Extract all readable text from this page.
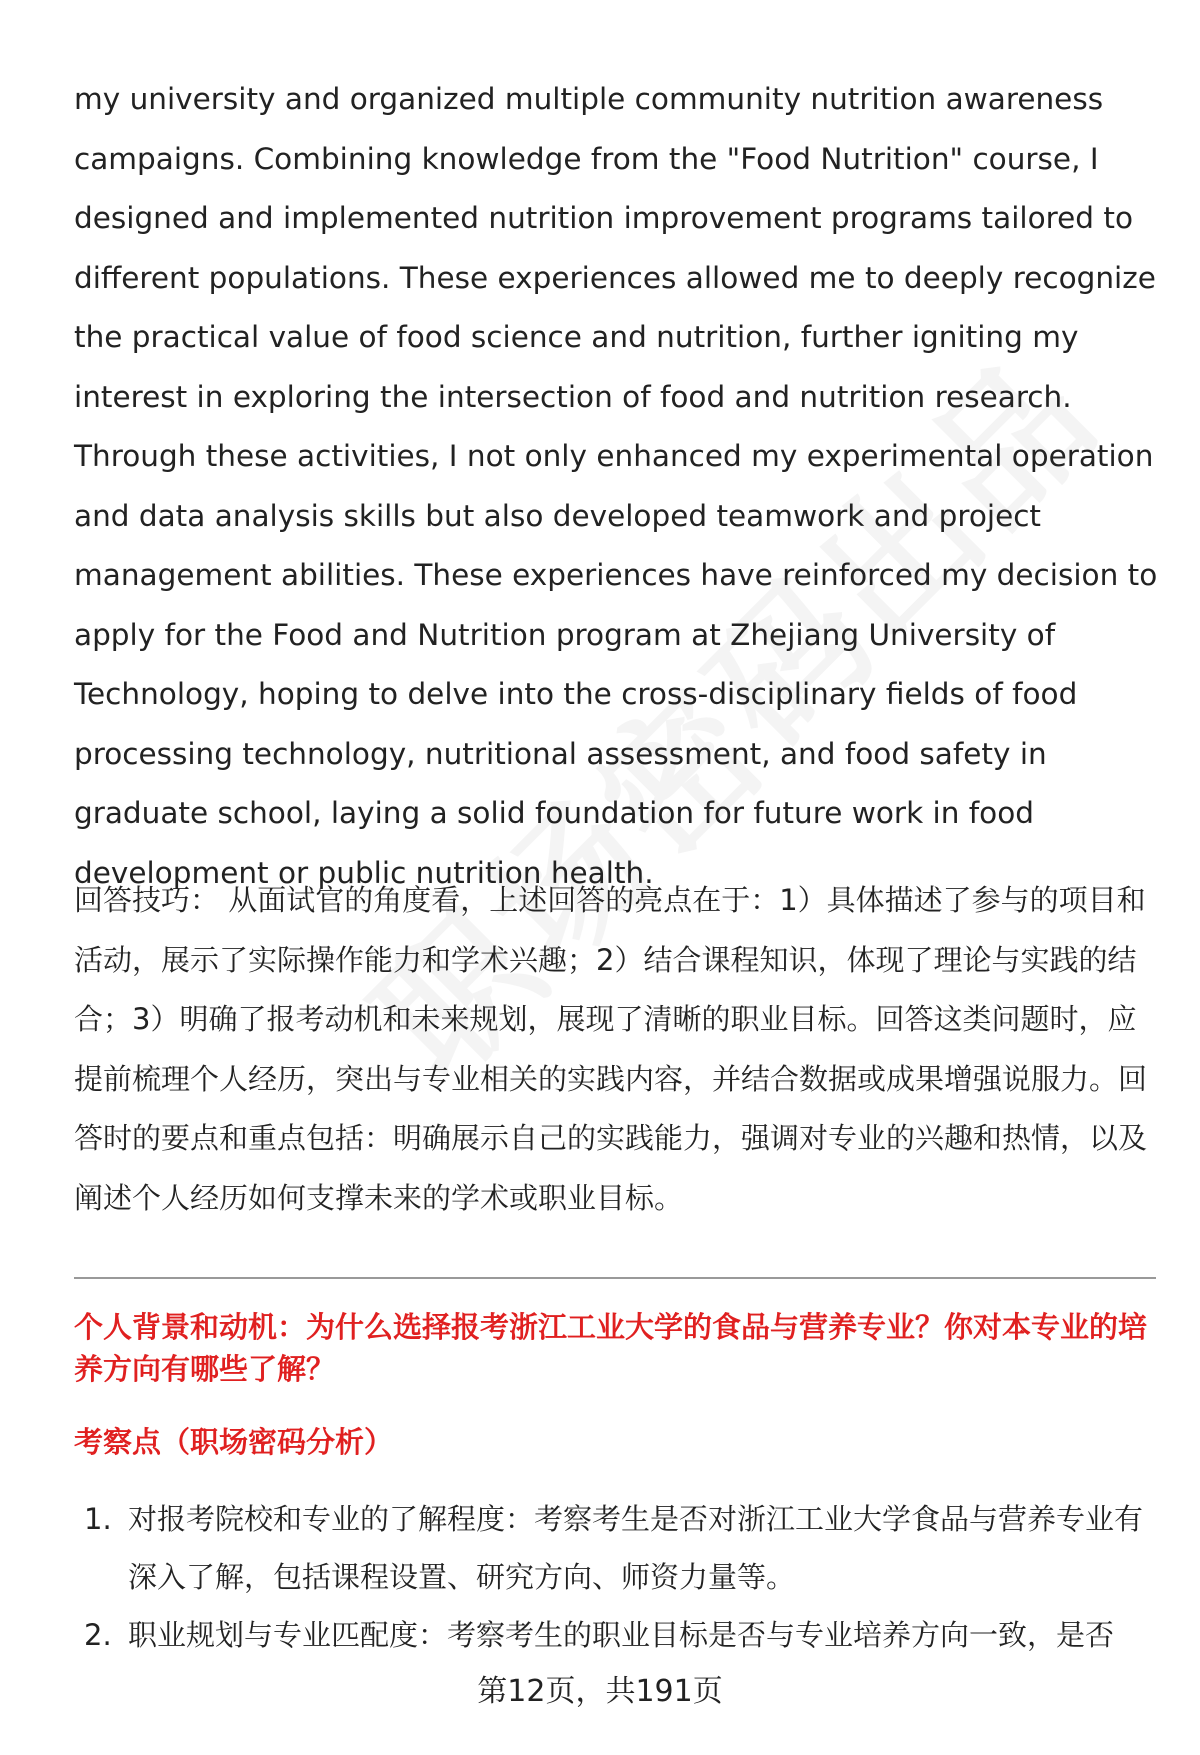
my university and organized multiple community nutrition awareness campaigns. Combining knowledge from the "Food Nutrition" course, I designed and implemented nutrition improvement programs tailored to different populations. These experiences allowed me to deeply recognize the practical value of food science and nutrition, further igniting my interest in exploring the intersection of food and nutrition research. Through these activities, I not only enhanced my experimental operation and data analysis skills but also developed teamwork and project management abilities. These experiences have reinforced my decision to apply for the Food and Nutrition program at Zhejiang University of Technology, hoping to delve into the cross-disciplinary fields of food processing technology, nutritional assessment, and food safety in graduate school, laying a solid foundation for future work in food development or public nutrition health.

回答技巧： 从面试官的角度看，上述回答的亮点在于：1）具体描述了参与的项目和活动，展示了实际操作能力和学术兴趣；2）结合课程知识，体现了理论与实践的结合；3）明确了报考动机和未来规划，展现了清晰的职业目标。回答这类问题时，应提前梳理个人经历，突出与专业相关的实践内容，并结合数据或成果增强说服力。回答时的要点和重点包括：明确展示自己的实践能力，强调对专业的兴趣和热情，以及阐述个人经历如何支撑未来的学术或职业目标。

个人背景和动机：为什么选择报考浙江工业大学的食品与营养专业？你对本专业的培养方向有哪些了解？
考察点（职场密码分析）
1. 对报考院校和专业的了解程度：考察考生是否对浙江工业大学食品与营养专业有深入了解，包括课程设置、研究方向、师资力量等。
2. 职业规划与专业匹配度：考察考生的职业目标是否与专业培养方向一致，是否
第12页，共191页
